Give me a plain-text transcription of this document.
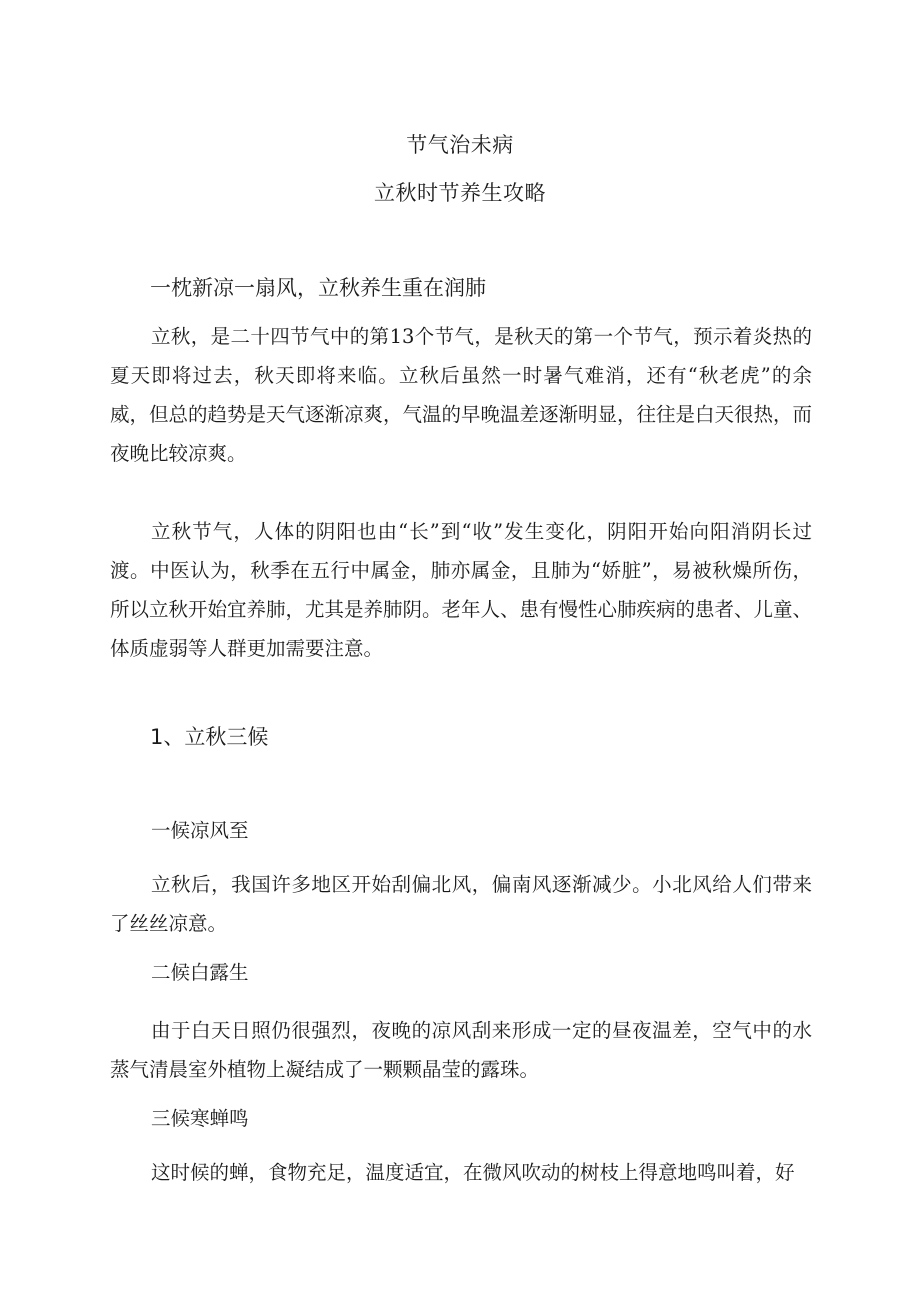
节气治未病
立秋时节养生攻略
一枕新凉一扇风，立秋养生重在润肺

立秋，是二十四节气中的第13个节气，是秋天的第一个节气，预示着炎热的夏天即将过去，秋天即将来临。立秋后虽然一时暑气难消，还有“秋老虎”的余威，但总的趋势是天气逐渐凉爽，气温的早晚温差逐渐明显，往往是白天很热，而夜晚比较凉爽。

立秋节气，人体的阴阳也由“长”到“收”发生变化，阴阳开始向阳消阴长过渡。中医认为，秋季在五行中属金，肺亦属金，且肺为“娇脏”，易被秋燥所伤，所以立秋开始宜养肺，尤其是养肺阴。老年人、患有慢性心肺疾病的患者、儿童、体质虚弱等人群更加需要注意。

1、立秋三候
一候凉风至

立秋后，我国许多地区开始刮偏北风，偏南风逐渐减少。小北风给人们带来了丝丝凉意。

二候白露生

由于白天日照仍很强烈，夜晚的凉风刮来形成一定的昼夜温差，空气中的水蒸气清晨室外植物上凝结成了一颗颗晶莹的露珠。

三候寒蝉鸣

这时候的蝉，食物充足，温度适宜，在微风吹动的树枝上得意地鸣叫着，好
